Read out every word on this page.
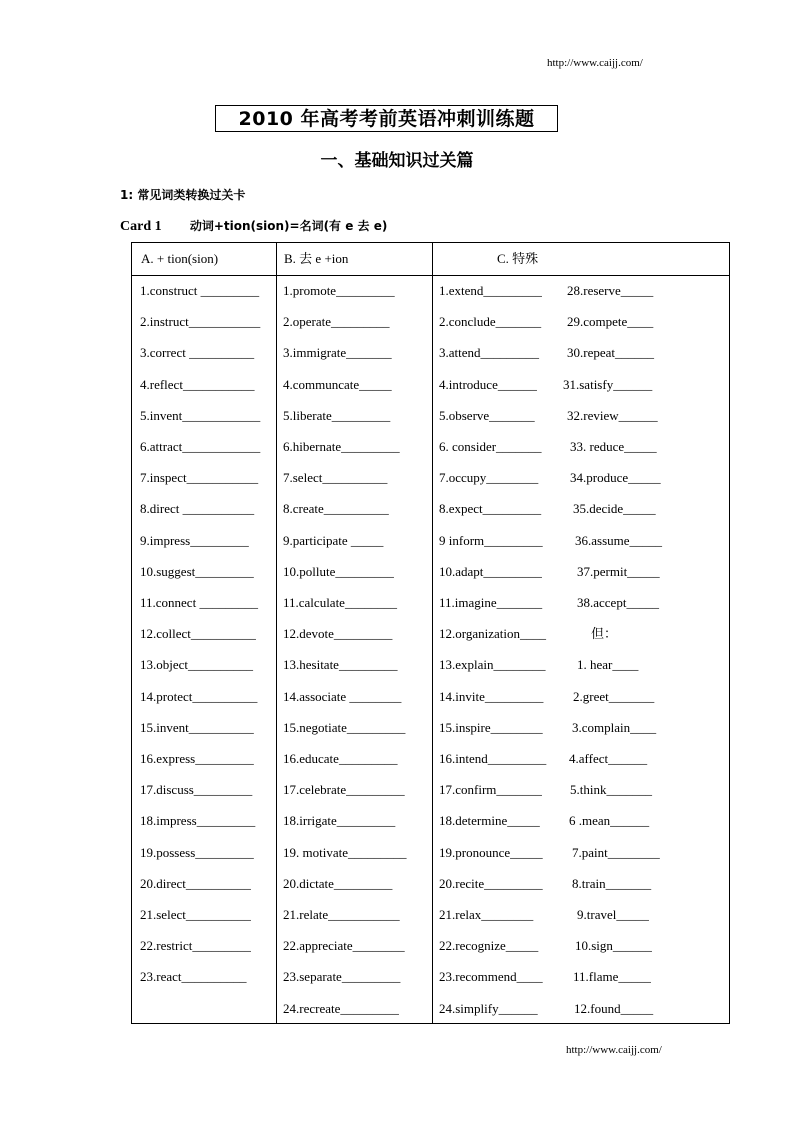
http://www.caijj.com/
2010 年高考考前英语冲刺训练题
一、基础知识过关篇
1: 常见词类转换过关卡
Card 1 动词+tion(sion)=名词(有 e 去 e)
A. + tion(sion)	B. 去 e +ion	C. 特殊
1.construct _________
2.instruct___________
3.correct __________
4.reflect___________
5.invent____________
6.attract____________
7.inspect___________
8.direct ___________
9.impress_________
10.suggest_________
11.connect _________
12.collect__________
13.object__________
14.protect__________
15.invent__________
16.express_________
17.discuss_________
18.impress_________
19.possess_________
20.direct__________
21.select__________
22.restrict_________
23.react__________
1.promote_________
2.operate_________
3.immigrate_______
4.communcate_____
5.liberate_________
6.hibernate_________
7.select__________
8.create__________
9.participate _____
10.pollute_________
11.calculate________
12.devote_________
13.hesitate_________
14.associate ________
15.negotiate_________
16.educate_________
17.celebrate_________
18.irrigate_________
19. motivate_________
20.dictate_________
21.relate___________
22.appreciate________
23.separate_________
24.recreate_________
1.extend_________
2.conclude_______
3.attend_________
4.introduce______
5.observe_______
6. consider_______
7.occupy________
8.expect_________
9 inform_________
10.adapt_________
11.imagine_______
12.organization____
13.explain________
14.invite_________
15.inspire________
16.intend_________
17.confirm_______
18.determine_____
19.pronounce_____
20.recite_________
21.relax________
22.recognize_____
23.recommend____
24.simplify______
28.reserve_____
29.compete____
30.repeat______
31.satisfy______
32.review______
33. reduce_____
34.produce_____
35.decide_____
36.assume_____
37.permit_____
38.accept_____
但：
1. hear____
2.greet_______
3.complain____
4.affect______
5.think_______
6 .mean______
7.paint________
8.train_______
9.travel_____
10.sign______
11.flame_____
12.found_____
http://www.caijj.com/
